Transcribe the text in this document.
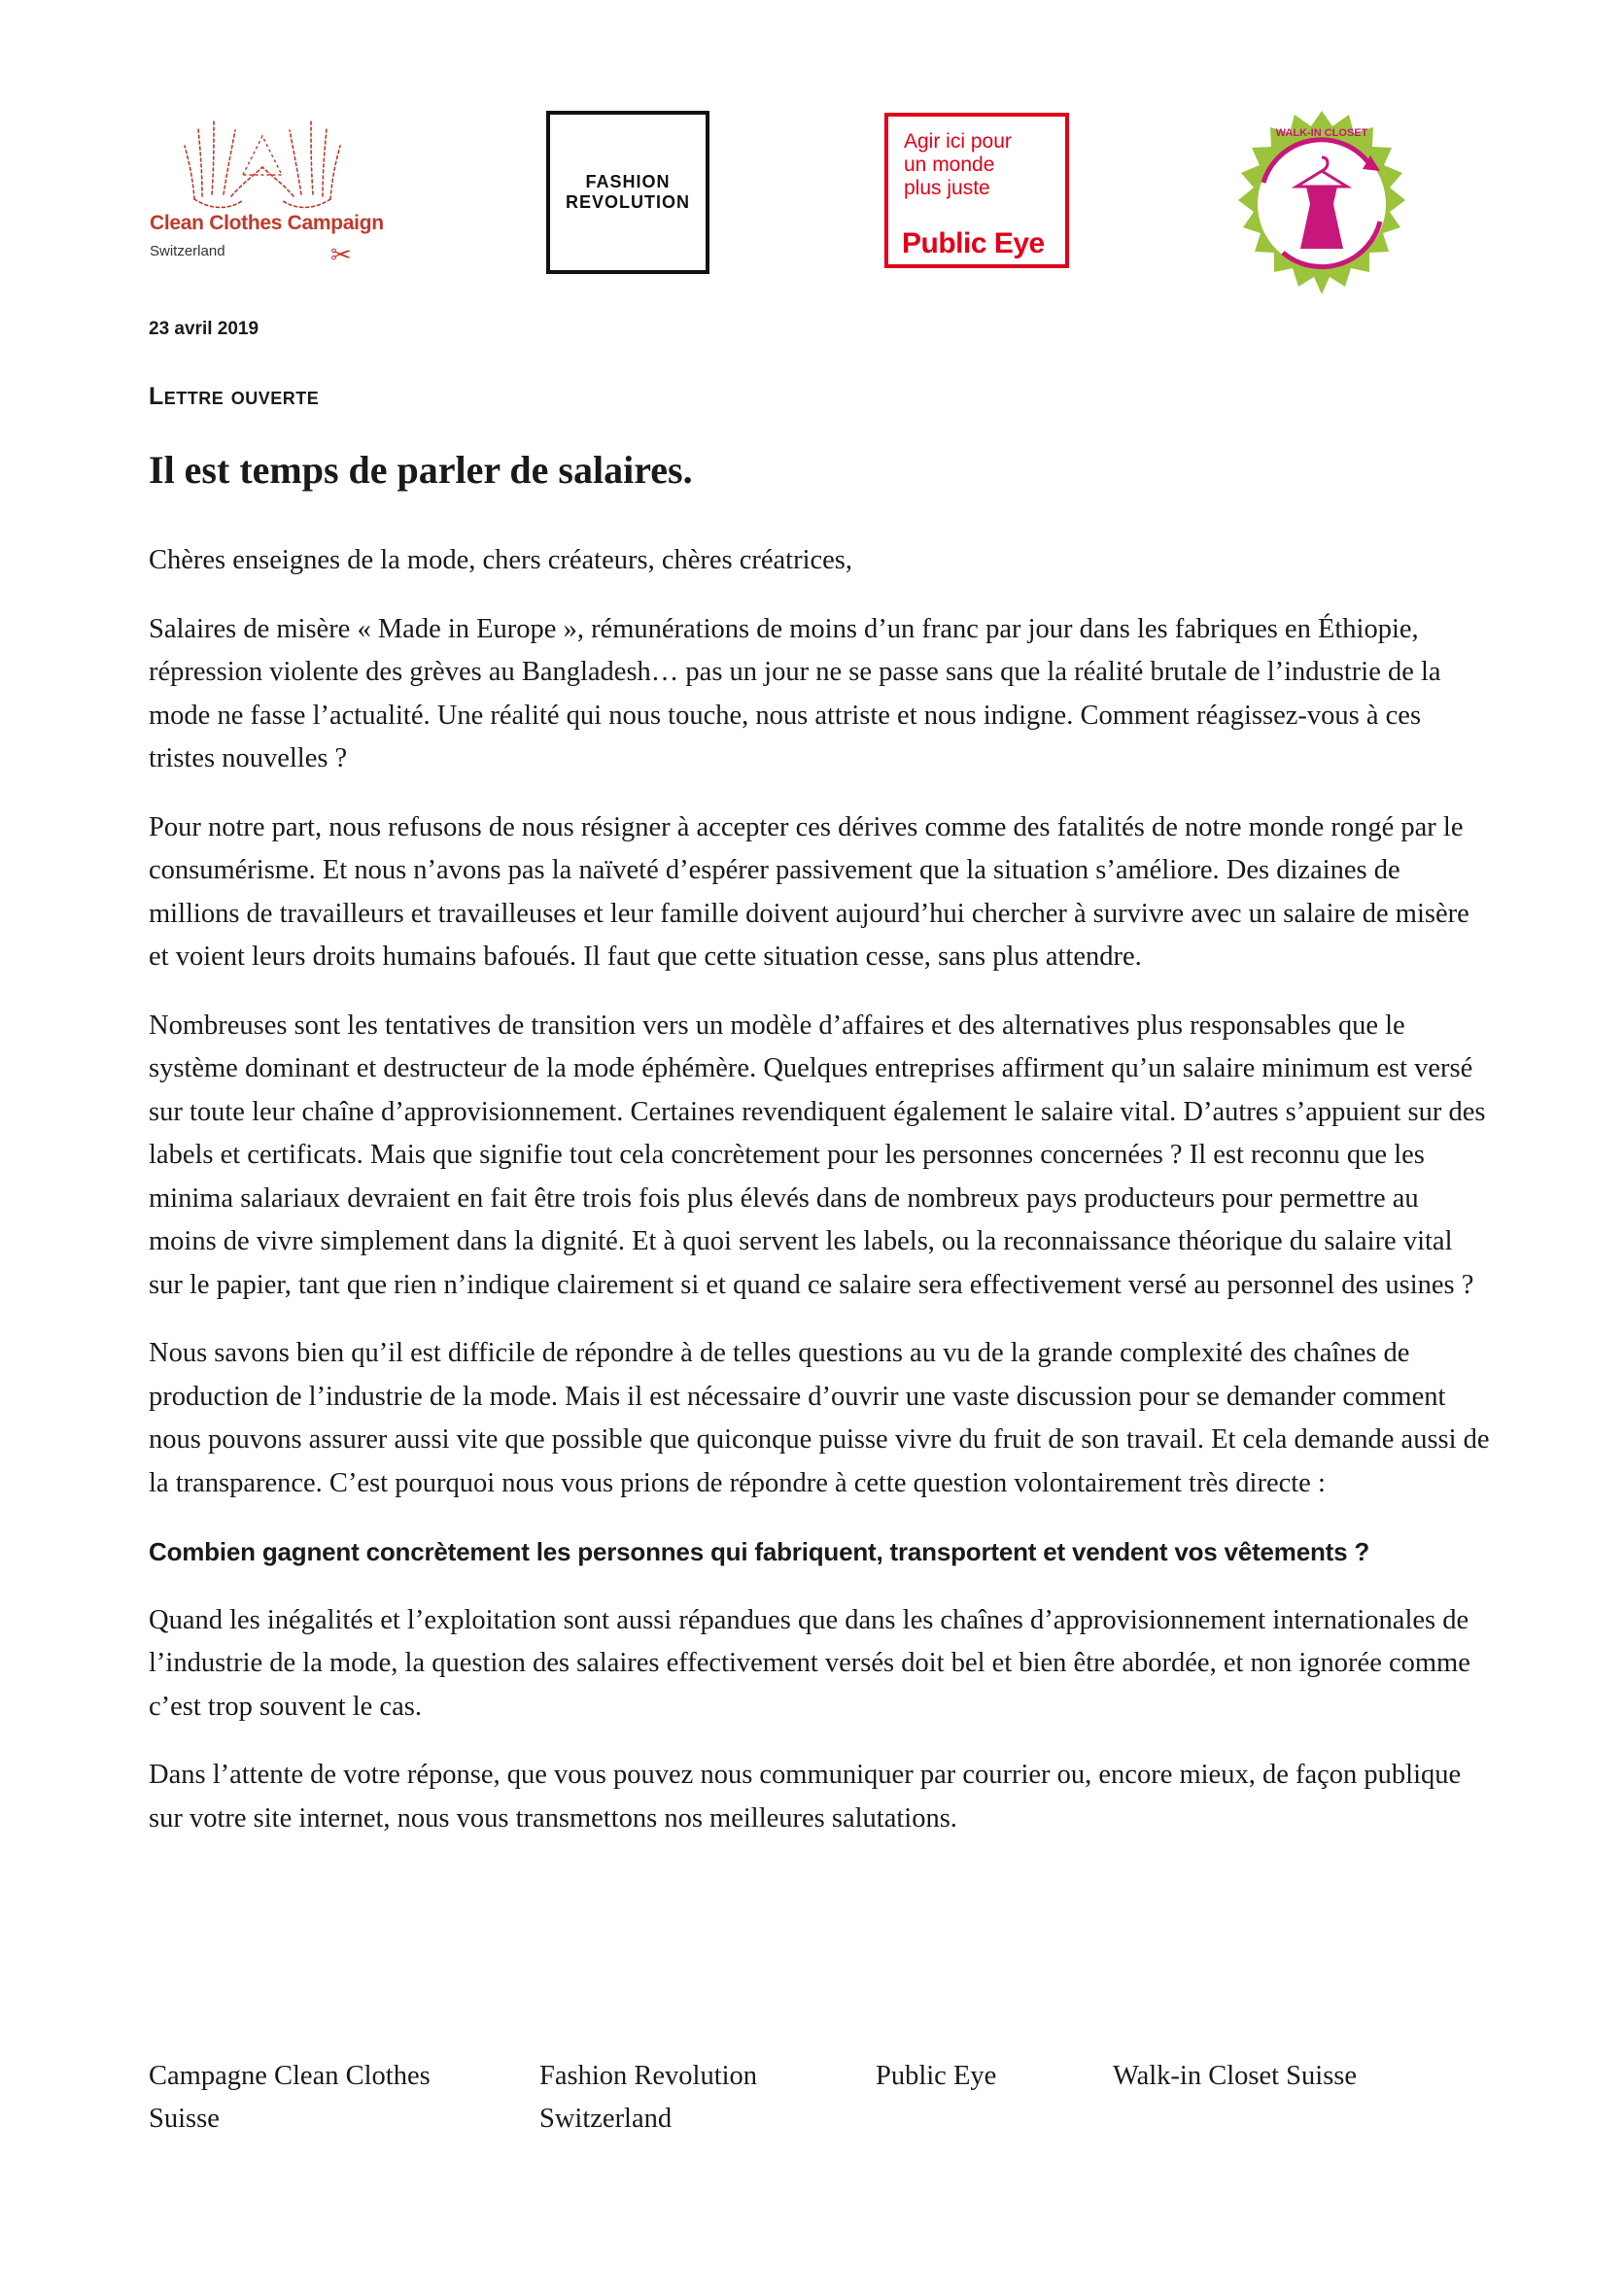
Clean Clothes Campaign
Switzerland	✂
FASHION
REVOLUTION
Agir ici pour
un monde
plus juste
Public Eye
WALK-IN CLOSET
23 avril 2019
Lettre ouverte
Il est temps de parler de salaires.

Chères enseignes de la mode, chers créateurs, chères créatrices,

Salaires de misère « Made in Europe », rémunérations de moins d’un franc par jour dans les fabriques en Éthiopie, répression violente des grèves au Bangladesh… pas un jour ne se passe sans que la réalité brutale de l’industrie de la mode ne fasse l’actualité. Une réalité qui nous touche, nous attriste et nous indigne. Comment réagissez-vous à ces tristes nouvelles ?

Pour notre part, nous refusons de nous résigner à accepter ces dérives comme des fatalités de notre monde rongé par le consumérisme. Et nous n’avons pas la naïveté d’espérer passivement que la situation s’améliore. Des dizaines de millions de travailleurs et travailleuses et leur famille doivent aujourd’hui chercher à survivre avec un salaire de misère et voient leurs droits humains bafoués. Il faut que cette situation cesse, sans plus attendre.

Nombreuses sont les tentatives de transition vers un modèle d’affaires et des alternatives plus responsables que le système dominant et destructeur de la mode éphémère. Quelques entreprises affirment qu’un salaire minimum est versé sur toute leur chaîne d’approvisionnement. Certaines revendiquent également le salaire vital. D’autres s’appuient sur des labels et certificats. Mais que signifie tout cela concrètement pour les personnes concernées ? Il est reconnu que les minima salariaux devraient en fait être trois fois plus élevés dans de nombreux pays producteurs pour permettre au moins de vivre simplement dans la dignité. Et à quoi servent les labels, ou la reconnaissance théorique du salaire vital sur le papier, tant que rien n’indique clairement si et quand ce salaire sera effectivement versé au personnel des usines ?

Nous savons bien qu’il est difficile de répondre à de telles questions au vu de la grande complexité des chaînes de production de l’industrie de la mode. Mais il est nécessaire d’ouvrir une vaste discussion pour se demander comment nous pouvons assurer aussi vite que possible que quiconque puisse vivre du fruit de son travail. Et cela demande aussi de la transparence. C’est pourquoi nous vous prions de répondre à cette question volontairement très directe :

Combien gagnent concrètement les personnes qui fabriquent, transportent et vendent vos vêtements ?

Quand les inégalités et l’exploitation sont aussi répandues que dans les chaînes d’approvisionnement internationales de l’industrie de la mode, la question des salaires effectivement versés doit bel et bien être abordée, et non ignorée comme c’est trop souvent le cas.

Dans l’attente de votre réponse, que vous pouvez nous communiquer par courrier ou, encore mieux, de façon publique sur votre site internet, nous vous transmettons nos meilleures salutations.

Campagne Clean Clothes Suisse
Fashion Revolution Switzerland
Public Eye	Walk-in Closet Suisse
